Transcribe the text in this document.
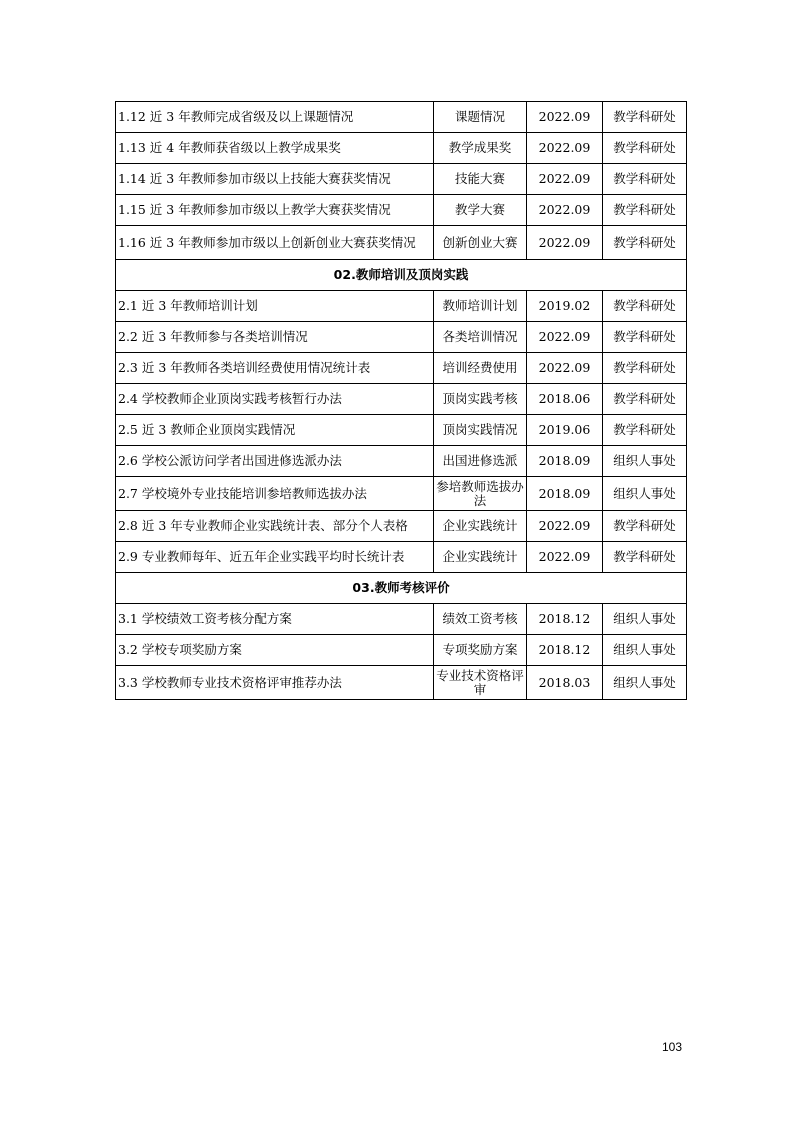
1.12 近 3 年教师完成省级及以上课题情况	课题情况	2022.09	教学科研处
1.13 近 4 年教师获省级以上教学成果奖	教学成果奖	2022.09	教学科研处
1.14 近 3 年教师参加市级以上技能大赛获奖情况	技能大赛	2022.09	教学科研处
1.15 近 3 年教师参加市级以上教学大赛获奖情况	教学大赛	2022.09	教学科研处
1.16 近 3 年教师参加市级以上创新创业大赛获奖情况	创新创业大赛	2022.09	教学科研处
02.教师培训及顶岗实践			
2.1 近 3 年教师培训计划	教师培训计划	2019.02	教学科研处
2.2 近 3 年教师参与各类培训情况	各类培训情况	2022.09	教学科研处
2.3 近 3 年教师各类培训经费使用情况统计表	培训经费使用	2022.09	教学科研处
2.4 学校教师企业顶岗实践考核暂行办法	顶岗实践考核	2018.06	教学科研处
2.5 近 3 教师企业顶岗实践情况	顶岗实践情况	2019.06	教学科研处
2.6 学校公派访问学者出国进修选派办法	出国进修选派	2018.09	组织人事处
2.7 学校境外专业技能培训参培教师选拔办法	参培教师选拔办法	2018.09	组织人事处
2.8 近 3 年专业教师企业实践统计表、部分个人表格	企业实践统计	2022.09	教学科研处
2.9 专业教师每年、近五年企业实践平均时长统计表	企业实践统计	2022.09	教学科研处
03.教师考核评价			
3.1 学校绩效工资考核分配方案	绩效工资考核	2018.12	组织人事处
3.2 学校专项奖励方案	专项奖励方案	2018.12	组织人事处
3.3 学校教师专业技术资格评审推荐办法	专业技术资格评审	2018.03	组织人事处
103
